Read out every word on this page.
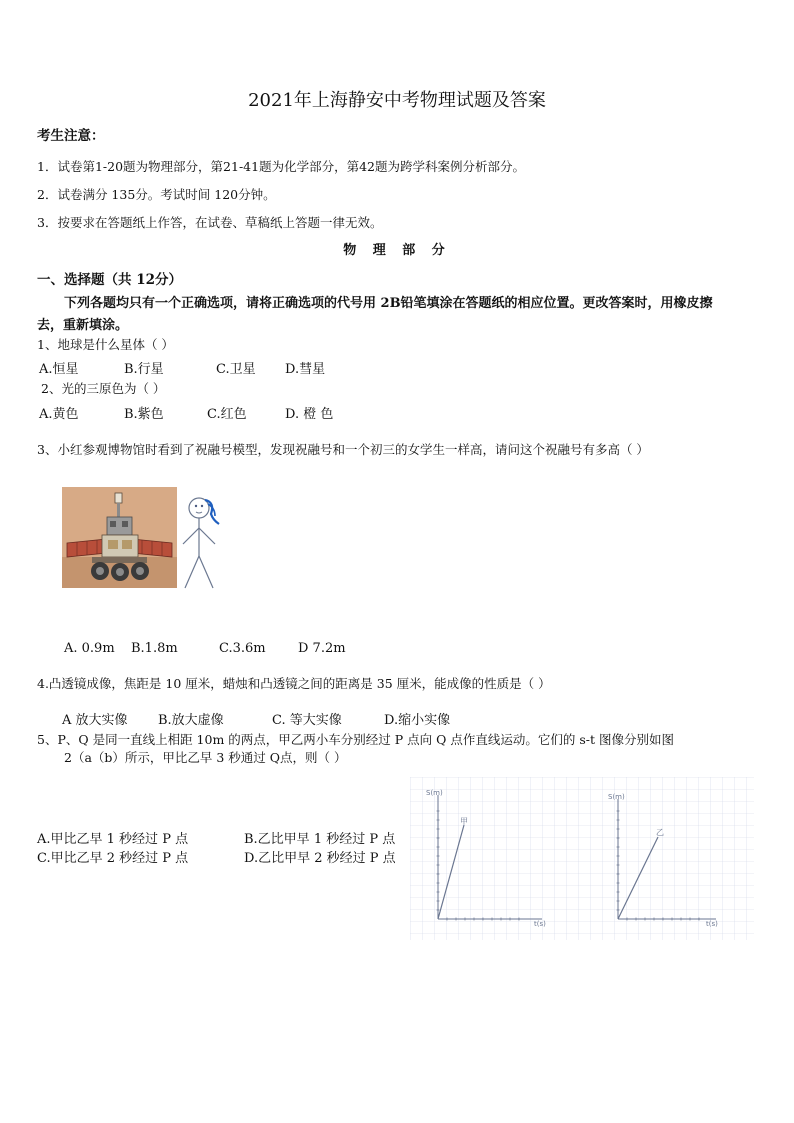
2021年上海静安中考物理试题及答案
考生注意：
1．试卷第1-20题为物理部分，第21-41题为化学部分，第42题为跨学科案例分析部分。
2．试卷满分 135分。考试时间 120分钟。
3．按要求在答题纸上作答，在试卷、草稿纸上答题一律无效。
物 理 部 分
一、选择题（共 12分）
下列各题均只有一个正确选项，请将正确选项的代号用 2B铅笔填涂在答题纸的相应位置。更改答案时，用橡皮擦
去，重新填涂。
1、地球是什么星体（ ）
A.恒星	B.行星	C.卫星 D.彗星
2、光的三原色为（ ）
A.黄色	B.紫色	C.红色	D. 橙 色
3、小红参观博物馆时看到了祝融号模型，发现祝融号和一个初三的女学生一样高，请问这个祝融号有多高（ ）
A. 0.9m B.1.8m	C.3.6m D 7.2m
4.凸透镜成像，焦距是 10 厘米，蜡烛和凸透镜之间的距离是 35 厘米，能成像的性质是（ ）
A 放大实像 B.放大虚像	C. 等大实像	D.缩小实像
5、P、Q 是同一直线上相距 10m 的两点，甲乙两小车分别经过 P 点向 Q 点作直线运动。它们的 s-t 图像分别如图
2（a（b）所示，甲比乙早 3 秒通过 Q点，则（ ）
A.甲比乙早 1 秒经过 P 点	B.乙比甲早 1 秒经过 P 点
C.甲比乙早 2 秒经过 P 点	D.乙比甲早 2 秒经过 P 点
S(m)
t(s)
甲
S(m)
t(s)
乙
